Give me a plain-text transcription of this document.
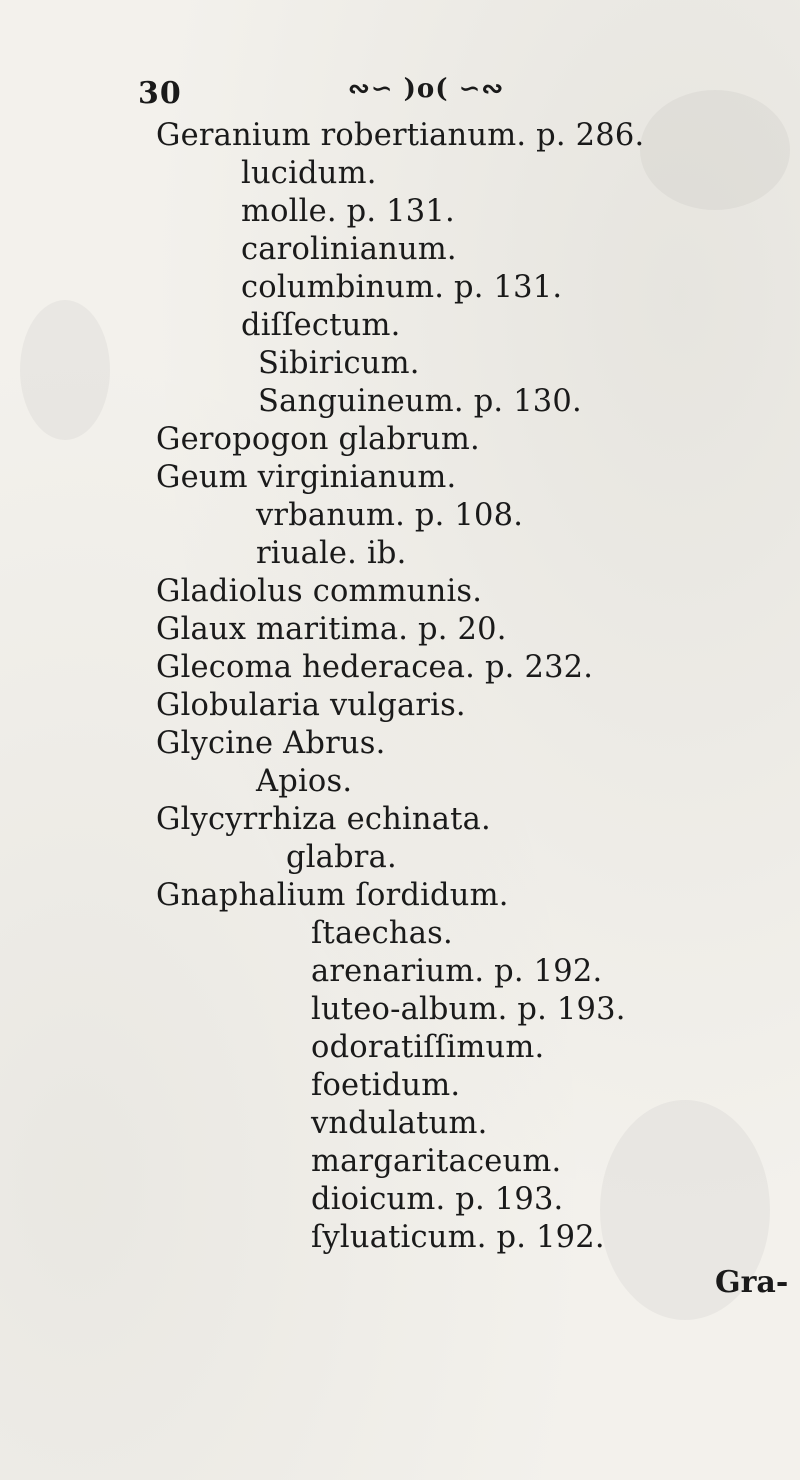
30	∾∽ )o( ∽∾
Geranium robertianum. p. 286.
lucidum.
molle. p. 131.
carolinianum.
columbinum. p. 131.
diſſectum.
Sibiricum.
Sanguineum. p. 130.
Geropogon glabrum.
Geum virginianum.
vrbanum. p. 108.
riuale. ib.
Gladiolus communis.
Glaux maritima. p. 20.
Glecoma hederacea. p. 232.
Globularia vulgaris.
Glycine Abrus.
Apios.
Glycyrrhiza echinata.
glabra.
Gnaphalium ſordidum.
ſtaechas.
arenarium. p. 192.
luteo-album. p. 193.
odoratiſſimum.
foetidum.
vndulatum.
margaritaceum.
dioicum. p. 193.
ſyluaticum. p. 192.
Gra-
